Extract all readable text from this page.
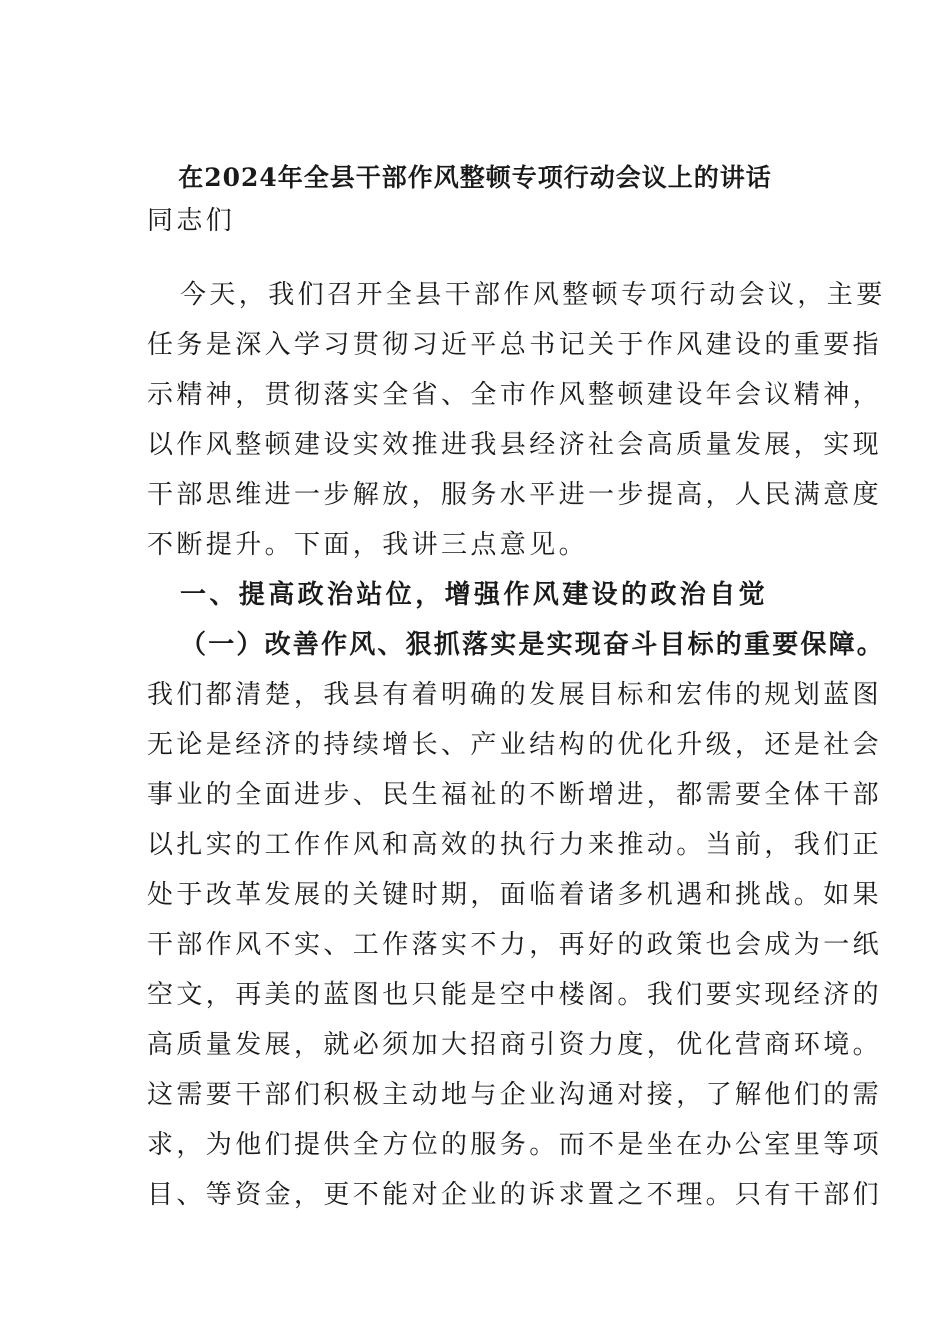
在2024年全县干部作风整顿专项行动会议上的讲话
同志们
今天，我们召开全县干部作风整顿专项行动会议，主要
任务是深入学习贯彻习近平总书记关于作风建设的重要指
示精神，贯彻落实全省、全市作风整顿建设年会议精神，
以作风整顿建设实效推进我县经济社会高质量发展，实现
干部思维进一步解放，服务水平进一步提高，人民满意度
不断提升。下面，我讲三点意见。
一、提高政治站位，增强作风建设的政治自觉
（一）改善作风、狠抓落实是实现奋斗目标的重要保障。
我们都清楚，我县有着明确的发展目标和宏伟的规划蓝图
无论是经济的持续增长、产业结构的优化升级，还是社会
事业的全面进步、民生福祉的不断增进，都需要全体干部
以扎实的工作作风和高效的执行力来推动。当前，我们正
处于改革发展的关键时期，面临着诸多机遇和挑战。如果
干部作风不实、工作落实不力，再好的政策也会成为一纸
空文，再美的蓝图也只能是空中楼阁。我们要实现经济的
高质量发展，就必须加大招商引资力度，优化营商环境。
这需要干部们积极主动地与企业沟通对接，了解他们的需
求，为他们提供全方位的服务。而不是坐在办公室里等项
目、等资金，更不能对企业的诉求置之不理。只有干部们
